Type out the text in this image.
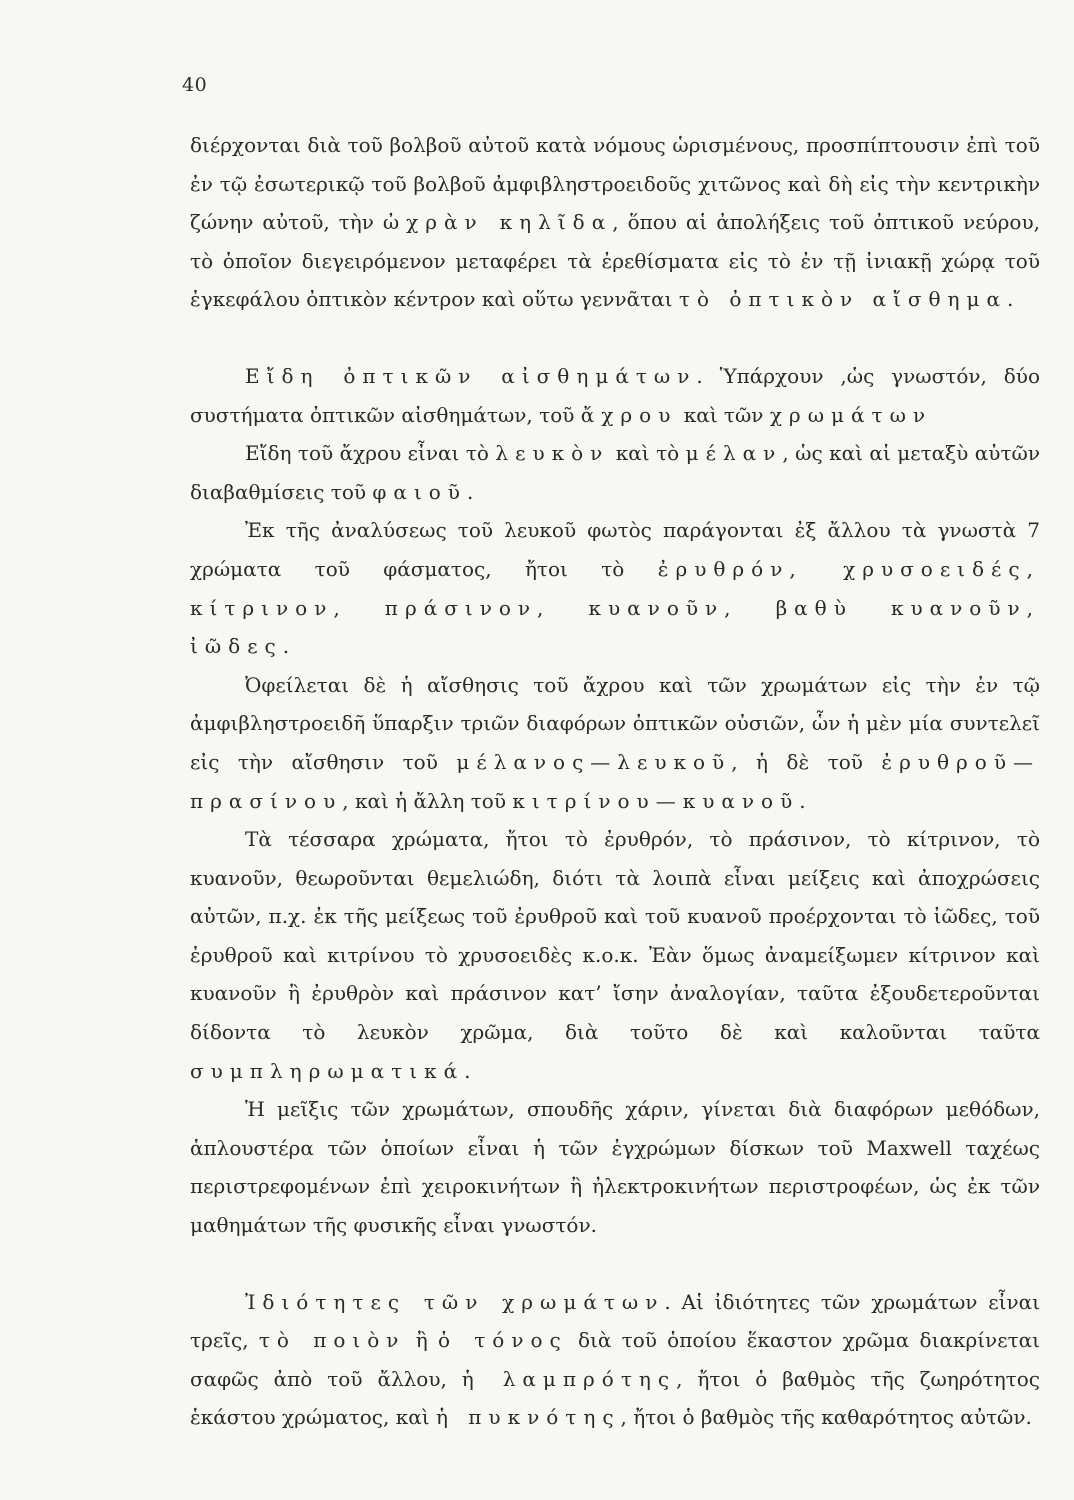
40

διέρχονται διὰ τοῦ βολβοῦ αὐτοῦ κατὰ νόμους ὡρισμένους, προσπίπτουσιν ἐπὶ τοῦ ἐν τῷ ἐσωτερικῷ τοῦ βολβοῦ ἀμφιβληστροειδοῦς χιτῶνος καὶ δὴ εἰς τὴν κεντρικὴν ζώνην αὐτοῦ, τὴν ὠχρὰν κηλῖδα, ὅπου αἱ ἀπολήξεις τοῦ ὀπτικοῦ νεύρου, τὸ ὁποῖον διεγειρόμενον μεταφέρει τὰ ἐρεθίσματα εἰς τὸ ἐν τῇ ἰνιακῇ χώρᾳ τοῦ ἐγκεφάλου ὀπτικὸν κέντρον καὶ οὕτω γεννᾶται τὸ ὀπτικὸν αἴσθημα.

Εἴδη ὀπτικῶν αἰσθημάτων. Ὑπάρχουν ,ὡς γνωστόν, δύο συστήματα ὀπτικῶν αἰσθημάτων, τοῦ ἄχρου καὶ τῶν χρωμάτων

Εἴδη τοῦ ἄχρου εἶναι τὸ λευκὸν καὶ τὸ μέλαν, ὡς καὶ αἱ μεταξὺ αὐτῶν διαβαθμίσεις τοῦ φαιοῦ.

Ἐκ τῆς ἀναλύσεως τοῦ λευκοῦ φωτὸς παράγονται ἐξ ἄλλου τὰ γνωστὰ 7 χρώματα τοῦ φάσματος, ἤτοι τὸ ἐρυθρόν, χρυσοειδές, κίτρινον, πράσινον, κυανοῦν, βαθὺ κυανοῦν, ἰῶδες.

Ὀφείλεται δὲ ἡ αἴσθησις τοῦ ἄχρου καὶ τῶν χρωμάτων εἰς τὴν ἐν τῷ ἀμφιβληστροειδῆ ὕπαρξιν τριῶν διαφόρων ὀπτικῶν οὐσιῶν, ὧν ἡ μὲν μία συντελεῖ εἰς τὴν αἴσθησιν τοῦ μέλανος—λευκοῦ, ἡ δὲ τοῦ ἐρυθροῦ—πρασίνου, καὶ ἡ ἄλλη τοῦ κιτρίνου—κυανοῦ.

Τὰ τέσσαρα χρώματα, ἤτοι τὸ ἐρυθρόν, τὸ πράσινον, τὸ κίτρινον, τὸ κυανοῦν, θεωροῦνται θεμελιώδη, διότι τὰ λοιπὰ εἶναι μείξεις καὶ ἀποχρώσεις αὐτῶν, π.χ. ἐκ τῆς μείξεως τοῦ ἐρυθροῦ καὶ τοῦ κυανοῦ προέρχονται τὸ ἰῶδες, τοῦ ἐρυθροῦ καὶ κιτρίνου τὸ χρυσοειδὲς κ.ο.κ. Ἐὰν ὅμως ἀναμείξωμεν κίτρινον καὶ κυανοῦν ἢ ἐρυθρὸν καὶ πράσινον κατ’ ἴσην ἀναλογίαν, ταῦτα ἐξουδετεροῦνται δίδοντα τὸ λευκὸν χρῶμα, διὰ τοῦτο δὲ καὶ καλοῦνται ταῦτα συμπληρωματικά.

Ἡ μεῖξις τῶν χρωμάτων, σπουδῆς χάριν, γίνεται διὰ διαφόρων μεθόδων, ἁπλουστέρα τῶν ὁποίων εἶναι ἡ τῶν ἐγχρώμων δίσκων τοῦ Maxwell ταχέως περιστρεφομένων ἐπὶ χειροκινήτων ἢ ἠλεκτροκινήτων περιστροφέων, ὡς ἐκ τῶν μαθημάτων τῆς φυσικῆς εἶναι γνωστόν.

Ἰδιότητες τῶν χρωμάτων. Αἱ ἰδιότητες τῶν χρωμάτων εἶναι τρεῖς, τὸ ποιὸν ἢ ὁ τόνος διὰ τοῦ ὁποίου ἕκαστον χρῶμα διακρίνεται σαφῶς ἀπὸ τοῦ ἄλλου, ἡ λαμπρότης, ἤτοι ὁ βαθμὸς τῆς ζωηρότητος ἑκάστου χρώματος, καὶ ἡ πυκνότης, ἤτοι ὁ βαθμὸς τῆς καθαρότητος αὐτῶν.
